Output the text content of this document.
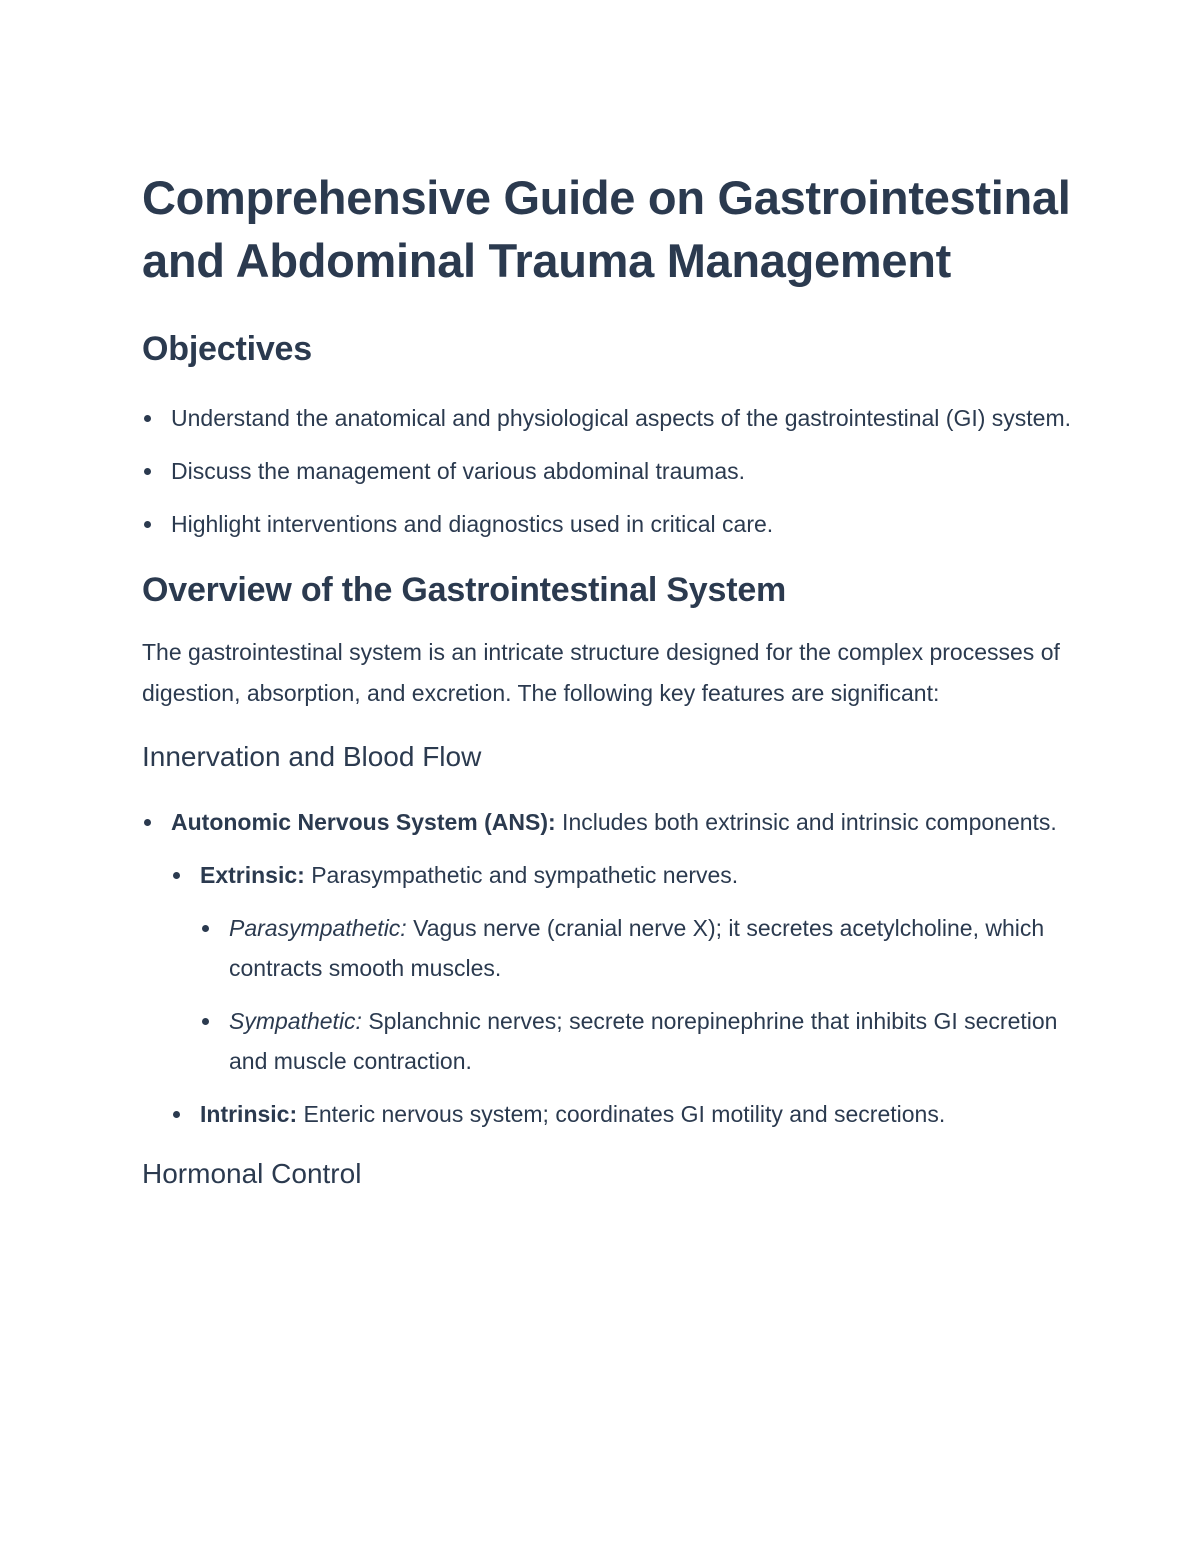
Comprehensive Guide on Gastrointestinal and Abdominal Trauma Management
Objectives
Understand the anatomical and physiological aspects of the gastrointestinal (GI) system.
Discuss the management of various abdominal traumas.
Highlight interventions and diagnostics used in critical care.
Overview of the Gastrointestinal System

The gastrointestinal system is an intricate structure designed for the complex processes of digestion, absorption, and excretion. The following key features are significant:

Innervation and Blood Flow
Autonomic Nervous System (ANS): Includes both extrinsic and intrinsic components.
Extrinsic: Parasympathetic and sympathetic nerves.
Parasympathetic: Vagus nerve (cranial nerve X); it secretes acetylcholine, which contracts smooth muscles.
Sympathetic: Splanchnic nerves; secrete norepinephrine that inhibits GI secretion and muscle contraction.
Intrinsic: Enteric nervous system; coordinates GI motility and secretions.
Hormonal Control
